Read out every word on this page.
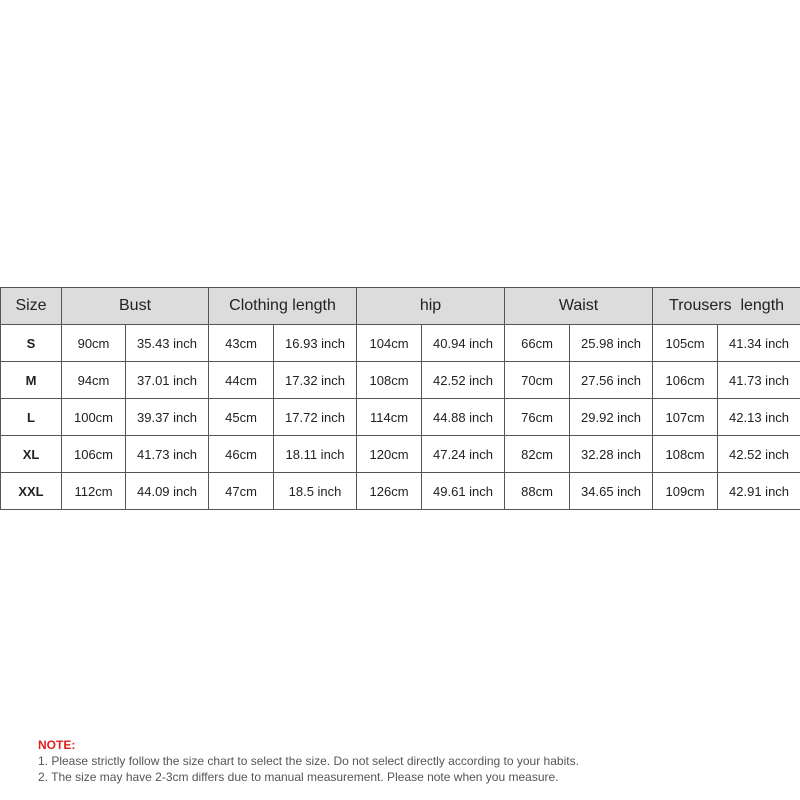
Size	Bust		Clothing length		hip		Waist		Trousers  length	
S	90cm	35.43 inch	43cm	16.93 inch	104cm	40.94 inch	66cm	25.98 inch	105cm	41.34 inch
M	94cm	37.01 inch	44cm	17.32 inch	108cm	42.52 inch	70cm	27.56 inch	106cm	41.73 inch
L	100cm	39.37 inch	45cm	17.72 inch	114cm	44.88 inch	76cm	29.92 inch	107cm	42.13 inch
XL	106cm	41.73 inch	46cm	18.11 inch	120cm	47.24 inch	82cm	32.28 inch	108cm	42.52 inch
XXL	112cm	44.09 inch	47cm	18.5 inch	126cm	49.61 inch	88cm	34.65 inch	109cm	42.91 inch
NOTE:
1. Please strictly follow the size chart to select the size. Do not select directly according to your habits.
2. The size may have 2-3cm differs due to manual measurement. Please note when you measure.
